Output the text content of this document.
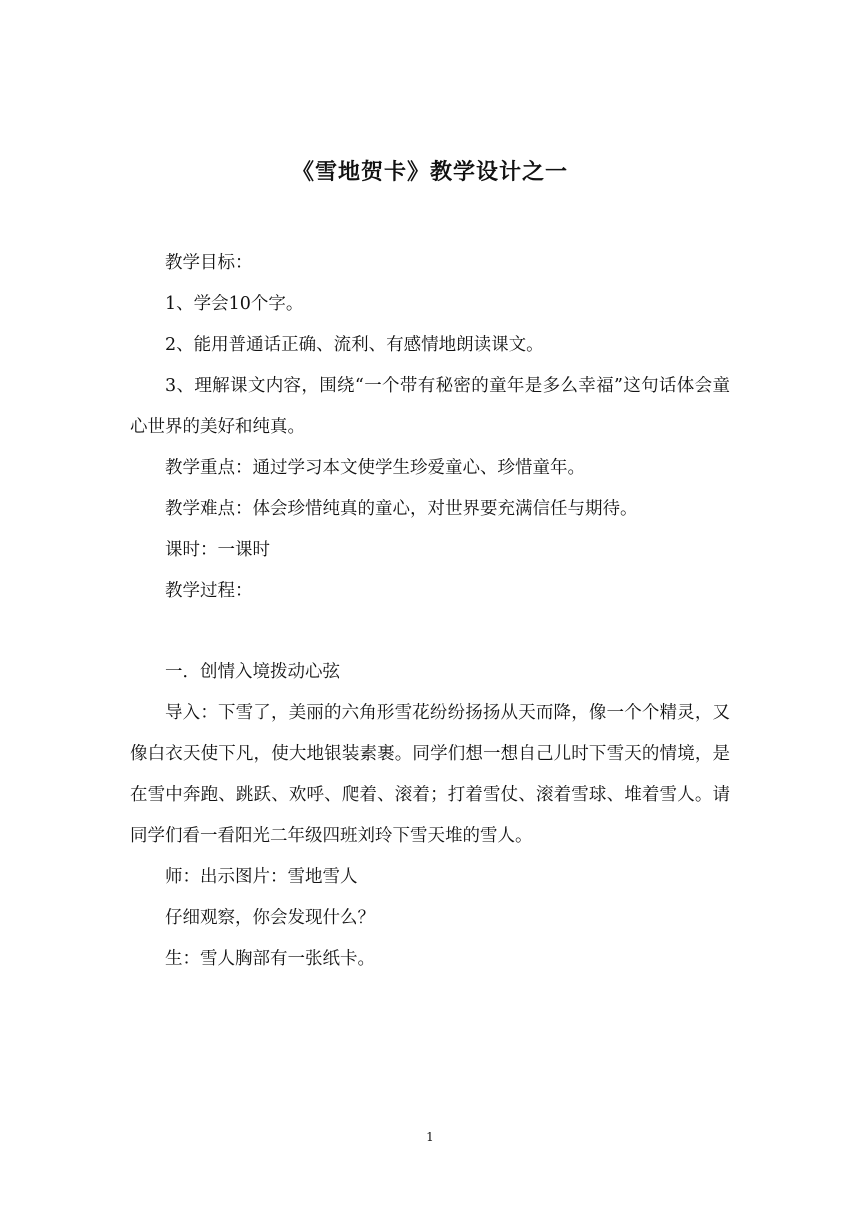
《雪地贺卡》教学设计之一

教学目标：

1、学会10个字。

2、能用普通话正确、流利、有感情地朗读课文。

3、理解课文内容，围绕“一个带有秘密的童年是多么幸福”这句话体会童心世界的美好和纯真。

教学重点：通过学习本文使学生珍爱童心、珍惜童年。

教学难点：体会珍惜纯真的童心，对世界要充满信任与期待。

课时：一课时

教学过程：

一．创情入境拨动心弦

导入：下雪了，美丽的六角形雪花纷纷扬扬从天而降，像一个个精灵，又像白衣天使下凡，使大地银装素裹。同学们想一想自己儿时下雪天的情境，是在雪中奔跑、跳跃、欢呼、爬着、滚着；打着雪仗、滚着雪球、堆着雪人。请同学们看一看阳光二年级四班刘玲下雪天堆的雪人。

师：出示图片：雪地雪人

仔细观察，你会发现什么？

生：雪人胸部有一张纸卡。

1
